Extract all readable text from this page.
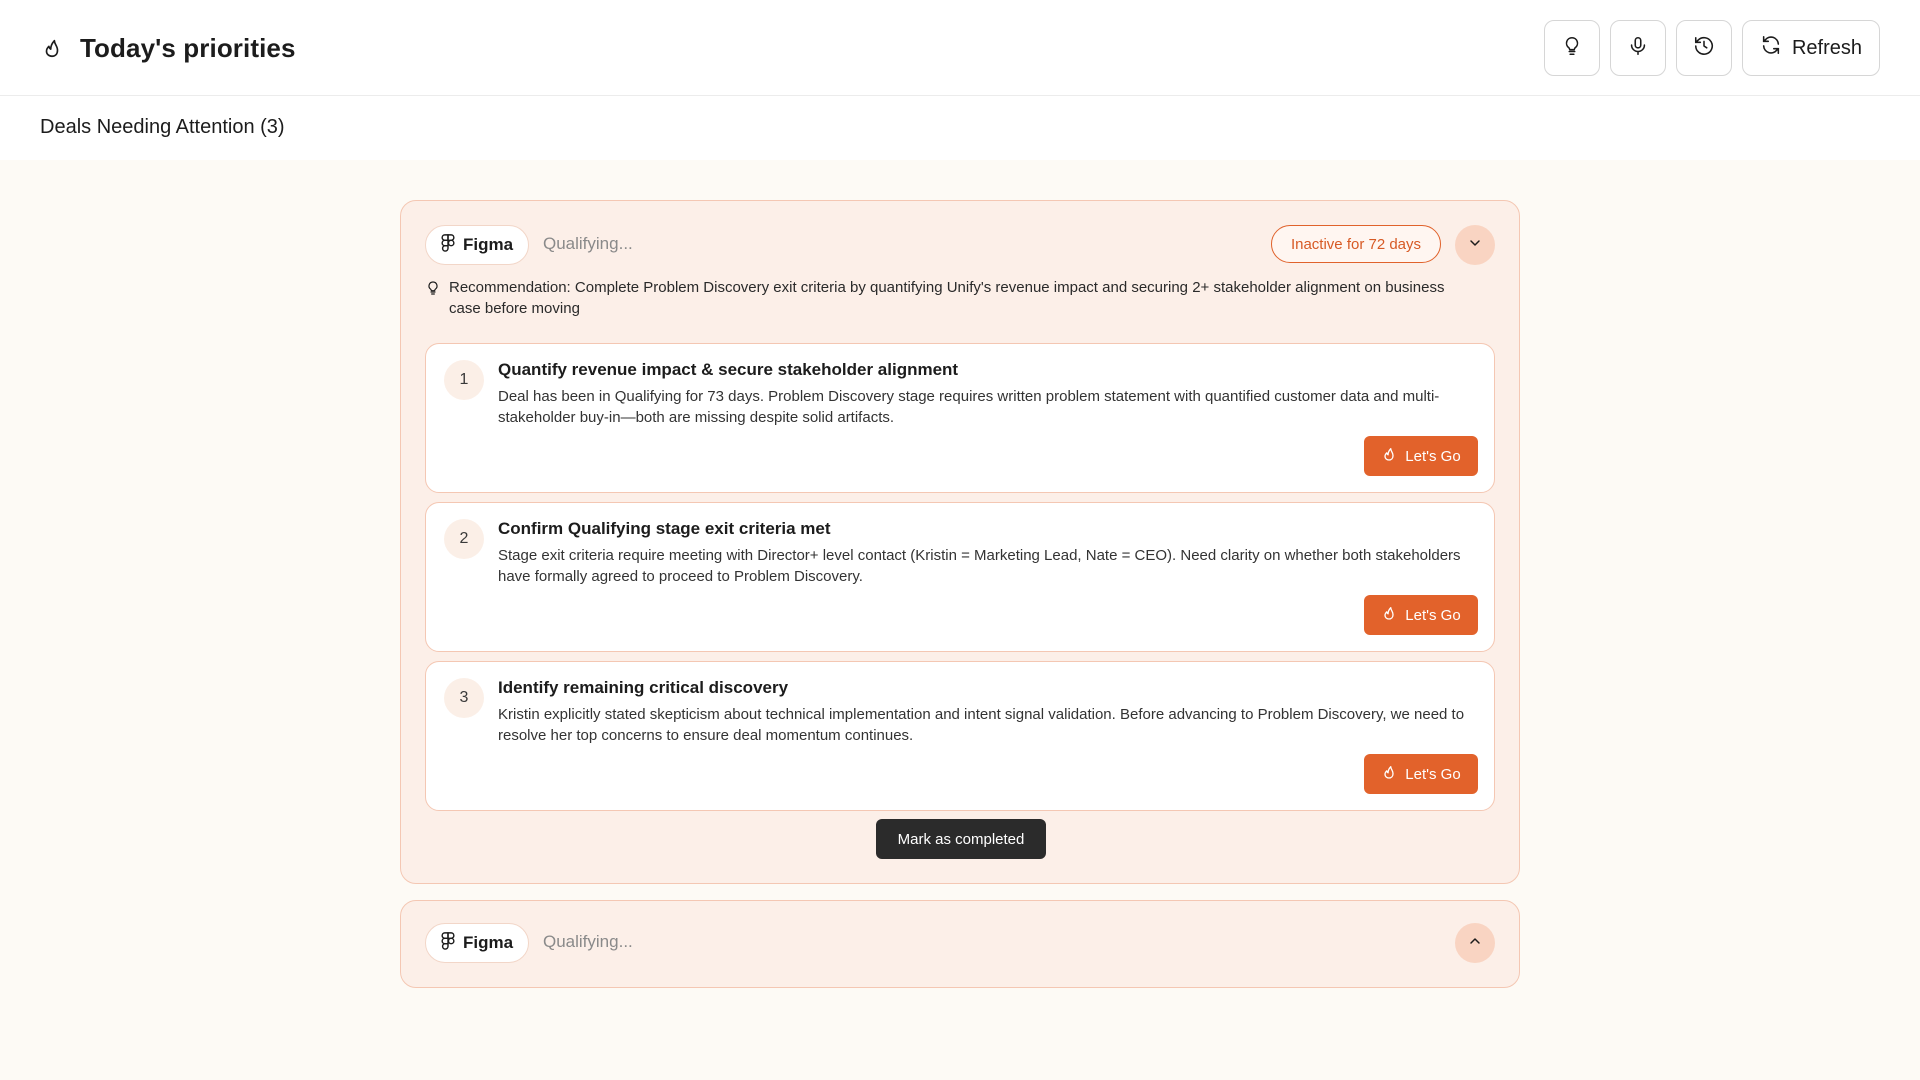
Today's priorities	Refresh
Deals Needing Attention (3)
Figma Qualifying...	Inactive for 72 days

Recommendation: Complete Problem Discovery exit criteria by quantifying Unify's revenue impact and securing 2+ stakeholder alignment on business case before moving

1
Quantify revenue impact & secure stakeholder alignment

Deal has been in Qualifying for 73 days. Problem Discovery stage requires written problem statement with quantified customer data and multi-stakeholder buy-in—both are missing despite solid artifacts.

Let's Go
2
Confirm Qualifying stage exit criteria met

Stage exit criteria require meeting with Director+ level contact (Kristin = Marketing Lead, Nate = CEO). Need clarity on whether both stakeholders have formally agreed to proceed to Problem Discovery.

Let's Go
3
Identify remaining critical discovery

Kristin explicitly stated skepticism about technical implementation and intent signal validation. Before advancing to Problem Discovery, we need to resolve her top concerns to ensure deal momentum continues.

Let's Go
Mark as completed
Figma Qualifying...
